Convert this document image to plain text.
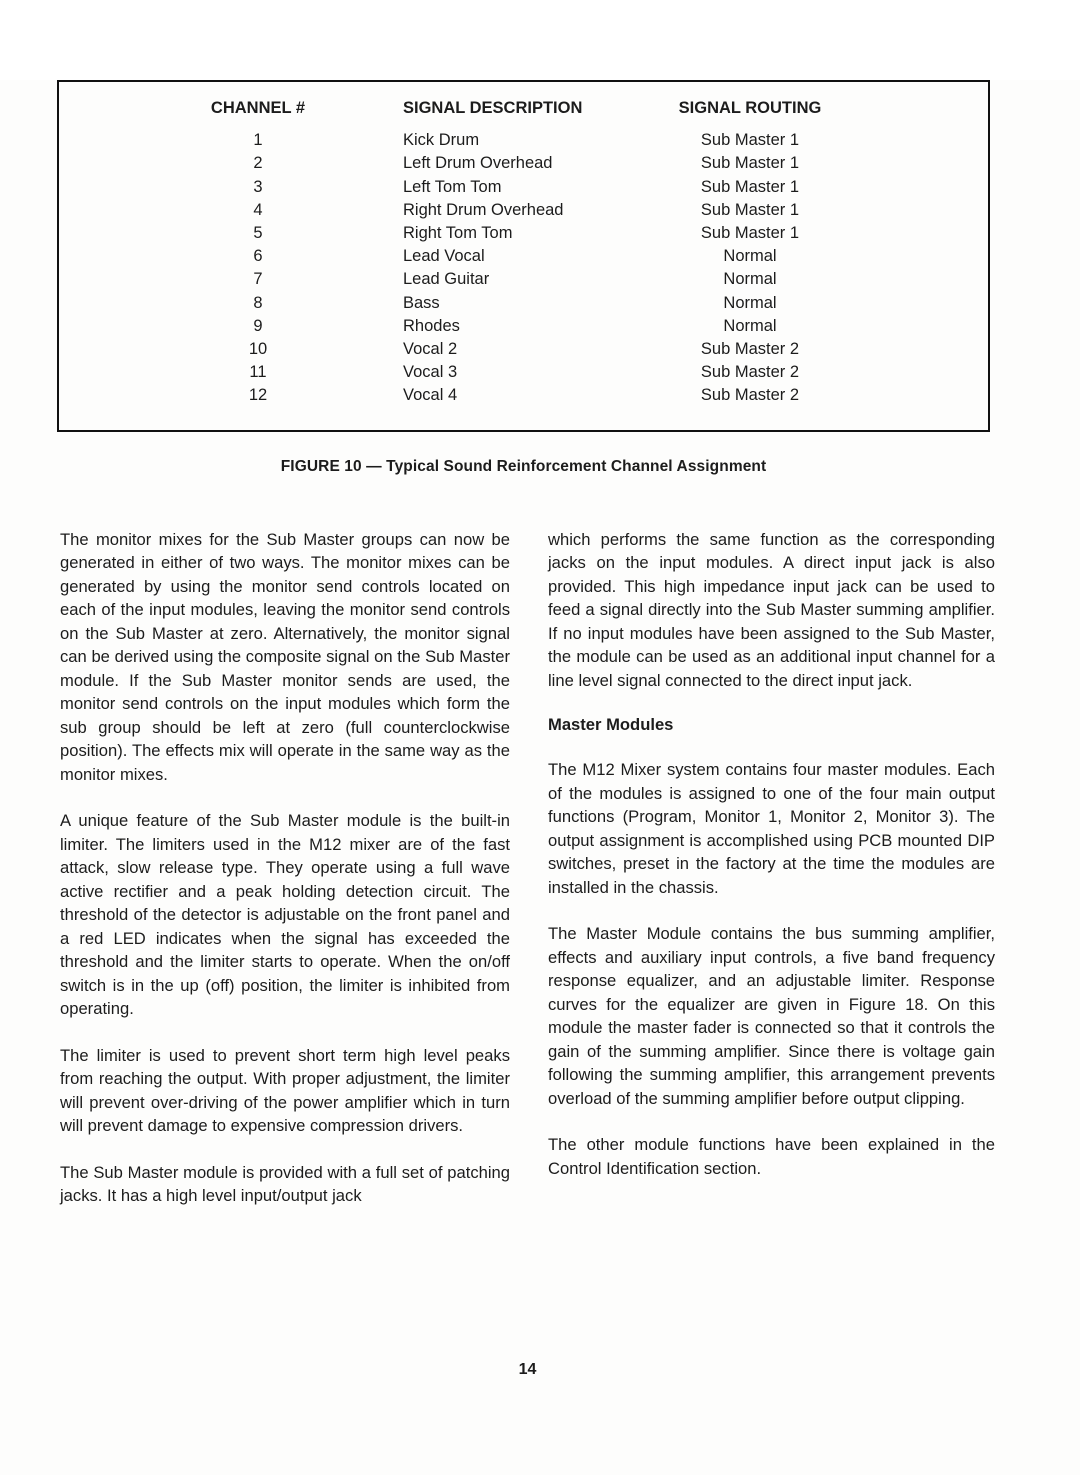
CHANNEL #	SIGNAL DESCRIPTION	SIGNAL ROUTING
1	Kick Drum	Sub Master 1
2	Left Drum Overhead	Sub Master 1
3	Left Tom Tom	Sub Master 1
4	Right Drum Overhead	Sub Master 1
5	Right Tom Tom	Sub Master 1
6	Lead Vocal	Normal
7	Lead Guitar	Normal
8	Bass	Normal
9	Rhodes	Normal
10	Vocal 2	Sub Master 2
11	Vocal 3	Sub Master 2
12	Vocal 4	Sub Master 2
FIGURE 10 — Typical Sound Reinforcement Channel Assignment

The monitor mixes for the Sub Master groups can now be generated in either of two ways. The monitor mixes can be generated by using the monitor send controls located on each of the input modules, leaving the monitor send controls on the Sub Master at zero. Alternatively, the monitor signal can be derived using the composite signal on the Sub Master module. If the Sub Master monitor sends are used, the monitor send controls on the input modules which form the sub group should be left at zero (full counterclockwise position). The effects mix will operate in the same way as the monitor mixes.

A unique feature of the Sub Master module is the built-in limiter. The limiters used in the M12 mixer are of the fast attack, slow release type. They operate using a full wave active rectifier and a peak holding detection circuit. The threshold of the detector is adjustable on the front panel and a red LED indicates when the signal has exceeded the threshold and the limiter starts to operate. When the on/off switch is in the up (off) position, the limiter is inhibited from operating.

The limiter is used to prevent short term high level peaks from reaching the output. With proper adjustment, the limiter will prevent over-driving of the power amplifier which in turn will prevent damage to expensive compression drivers.

The Sub Master module is provided with a full set of patching jacks. It has a high level input/output jack

which performs the same function as the corresponding jacks on the input modules. A direct input jack is also provided. This high impedance input jack can be used to feed a signal directly into the Sub Master summing amplifier. If no input modules have been assigned to the Sub Master, the module can be used as an additional input channel for a line level signal connected to the direct input jack.

Master Modules

The M12 Mixer system contains four master modules. Each of the modules is assigned to one of the four main output functions (Program, Monitor 1, Monitor 2, Monitor 3). The output assignment is accomplished using PCB mounted DIP switches, preset in the factory at the time the modules are installed in the chassis.

The Master Module contains the bus summing amplifier, effects and auxiliary input controls, a five band frequency response equalizer, and an adjustable limiter. Response curves for the equalizer are given in Figure 18. On this module the master fader is connected so that it controls the gain of the summing amplifier. Since there is voltage gain following the summing amplifier, this arrangement prevents overload of the summing amplifier before output clipping.

The other module functions have been explained in the Control Identification section.

14
